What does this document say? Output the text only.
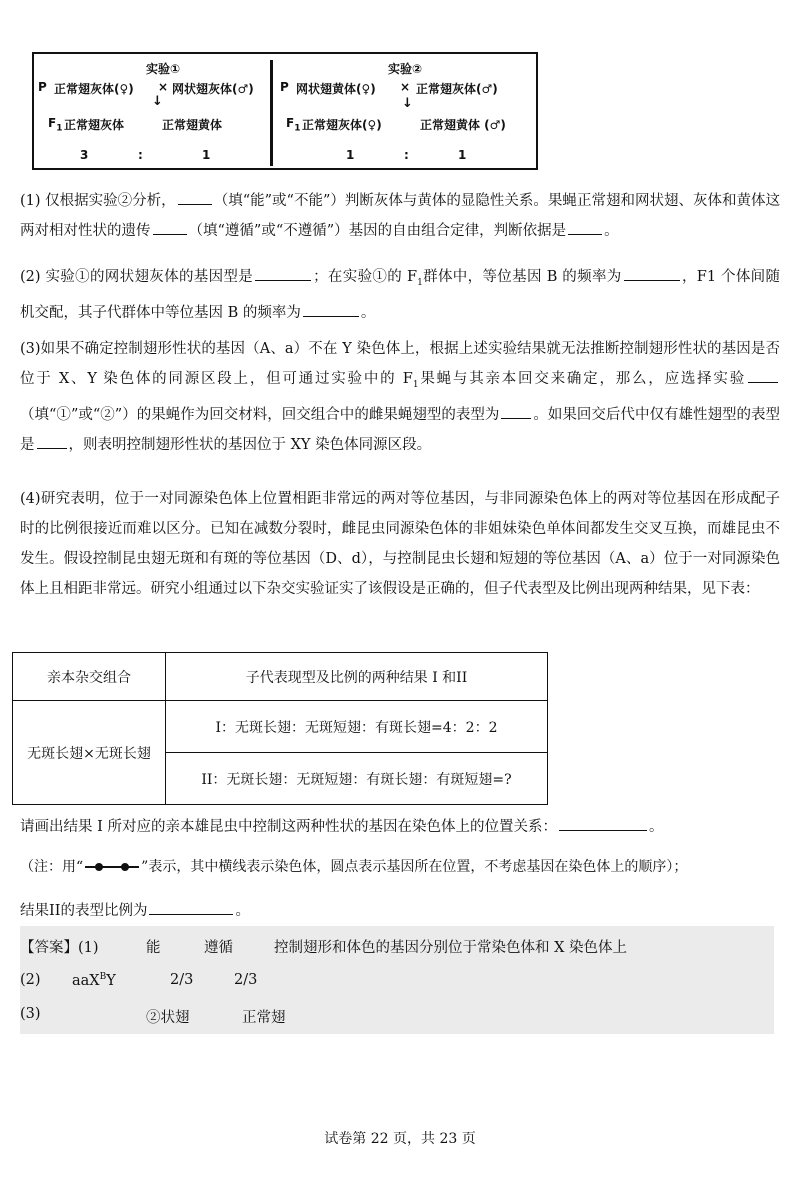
实验①
P 正常翅灰体(♀) × 网状翅灰体(♂)
↓
$F_1$ 正常翅灰体	正常翅黄体
3	:	1
实验②
P 网状翅黄体(♀) × 正常翅灰体(♂)
↓
$F_1$ 正常翅灰体(♀)	正常翅黄体 (♂)
1	:	1

(1) 仅根据实验②分析，	（填“能”或“不能”）判断灰体与黄体的显隐性关系。果蝇正常翅和网状翅、灰体和黄体这两对相对性状的遗传	（填“遵循”或“不遵循”）基因的自由组合定律，判断依据是	。

(2) 实验①的网状翅灰体的基因型是	；在实验①的 $F_1$群体中，等位基因 B 的频率为	，F1 个体间随机交配，其子代群体中等位基因 B 的频率为	。

(3)如果不确定控制翅形性状的基因（A、a）不在 Y 染色体上，根据上述实验结果就无法推断控制翅形性状的基因是否位于 X、Y 染色体的同源区段上，但可通过实验中的 $F_1$果蝇与其亲本回交来确定，那么，应选择实验（填“①”或“②”）的果蝇作为回交材料，回交组合中的雌果蝇翅型的表型为 。如果回交后代中仅有雄性翅型的表型是 ，则表明控制翅形性状的基因位于 XY 染色体同源区段。

(4)研究表明，位于一对同源染色体上位置相距非常远的两对等位基因，与非同源染色体上的两对等位基因在形成配子时的比例很接近而难以区分。已知在减数分裂时，雌昆虫同源染色体的非姐妹染色单体间都发生交叉互换，而雄昆虫不发生。假设控制昆虫翅无斑和有斑的等位基因（D、d），与控制昆虫长翅和短翅的等位基因（A、a）位于一对同源染色体上且相距非常远。研究小组通过以下杂交实验证实了该假设是正确的，但子代表型及比例出现两种结果，见下表：

亲本杂交组合	子代表现型及比例的两种结果 I 和II
无斑长翅×无斑长翅	I：无斑长翅：无斑短翅：有斑长翅=4：2：2
	II：无斑长翅：无斑短翅：有斑长翅：有斑短翅=?

请画出结果 I 所对应的亲本雄昆虫中控制这两种性状的基因在染色体上的位置关系：	。

（注：用“	”表示，其中横线表示染色体，圆点表示基因所在位置，不考虑基因在染色体上的顺序）；

结果II的表型比例为	。

【答案】(1)	能	遵循	控制翅形和体色的基因分别位于常染色体和 X 染色体上
(2) aaX$^B$Y	2/3	2/3
(3)	②状翅	正常翅
试卷第 22 页，共 23 页
